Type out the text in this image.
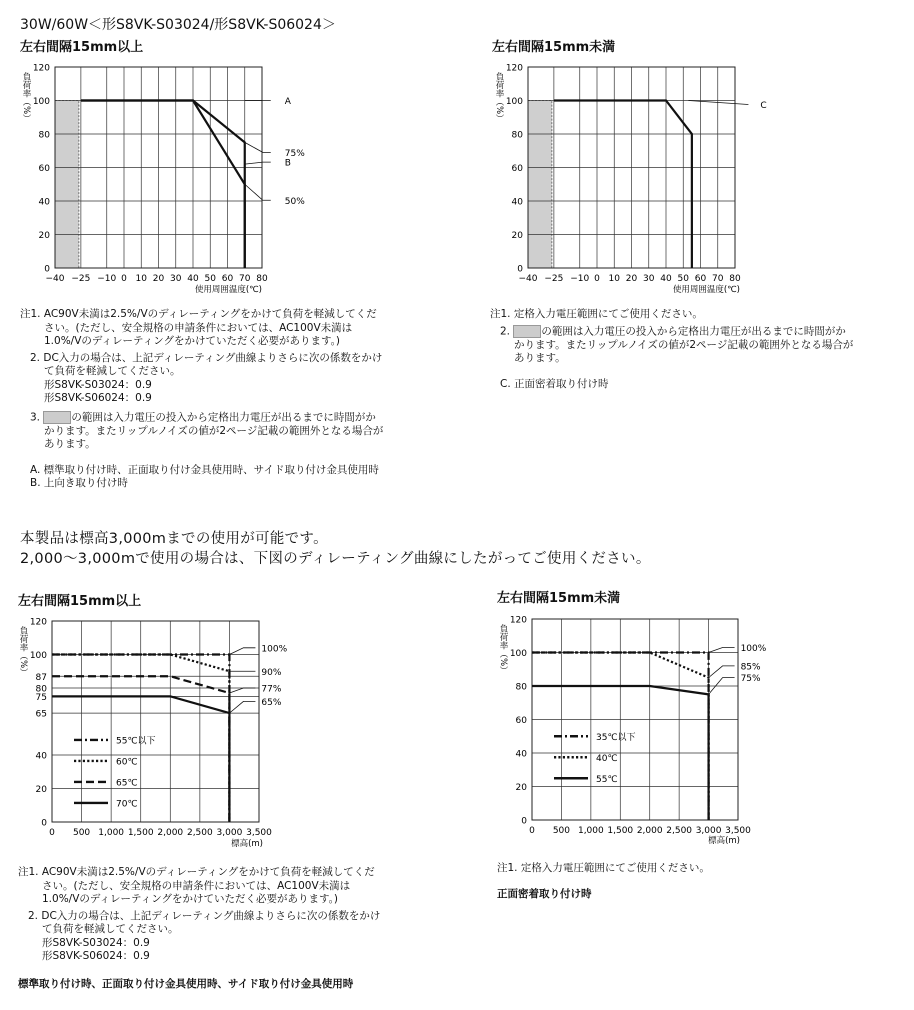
30W/60W＜形S8VK-S03024/形S8VK-S06024＞
左右間隔15mm以上	左右間隔15mm未満
左右間隔15mm以上	左右間隔15mm未満
−40 −25 −10 0 10 20 30 40 50 60 70 80
0
20
40
60
80
100
120
負荷率（%）
使用周囲温度(℃)
A
75%
B
50%
−40 −25 −10 0 10 20 30 40 50 60 70 80
0
20
40
60
80
100
120
負荷率（%）
使用周囲温度(℃)
C
0 500 1,000 1,500 2,000 2,500 3,000 3,500
0
20
40
65
75
80
87
100
120
負荷率（%）
標高(m)
100%
90%
77%
65%
55℃以下
60℃
65℃
70℃
0 500 1,000 1,500 2,000 2,500 3,000 3,500
0
20
40
60
80
100
120
負荷率（%）
標高(m)
100%
85%
75%
35℃以下
40℃
55℃
注1. AC90V未満は2.5%/Vのディレーティングをかけて負荷を軽減してくだ
さい。(ただし、安全規格の申請条件においては、AC100V未満は
1.0%/Vのディレーティングをかけていただく必要があります。)
2. DC入力の場合は、上記ディレーティング曲線よりさらに次の係数をかけ
て負荷を軽減してください。
形S8VK-S03024：0.9
形S8VK-S06024：0.9
3.	の範囲は入力電圧の投入から定格出力電圧が出るまでに時間がか
かります。またリップルノイズの値が2ページ記載の範囲外となる場合が
あります。
A. 標準取り付け時、正面取り付け金具使用時、サイド取り付け金具使用時
B. 上向き取り付け時
注1. 定格入力電圧範囲にてご使用ください。
2.	の範囲は入力電圧の投入から定格出力電圧が出るまでに時間がか
かります。またリップルノイズの値が2ページ記載の範囲外となる場合が
あります。
C. 正面密着取り付け時
本製品は標高3,000mまでの使用が可能です。
2,000～3,000mで使用の場合は、下図のディレーティング曲線にしたがってご使用ください。
注1. AC90V未満は2.5%/Vのディレーティングをかけて負荷を軽減してくだ
さい。(ただし、安全規格の申請条件においては、AC100V未満は
1.0%/Vのディレーティングをかけていただく必要があります。)
2. DC入力の場合は、上記ディレーティング曲線よりさらに次の係数をかけ
て負荷を軽減してください。
形S8VK-S03024：0.9
形S8VK-S06024：0.9
標準取り付け時、正面取り付け金具使用時、サイド取り付け金具使用時
注1. 定格入力電圧範囲にてご使用ください。
正面密着取り付け時
